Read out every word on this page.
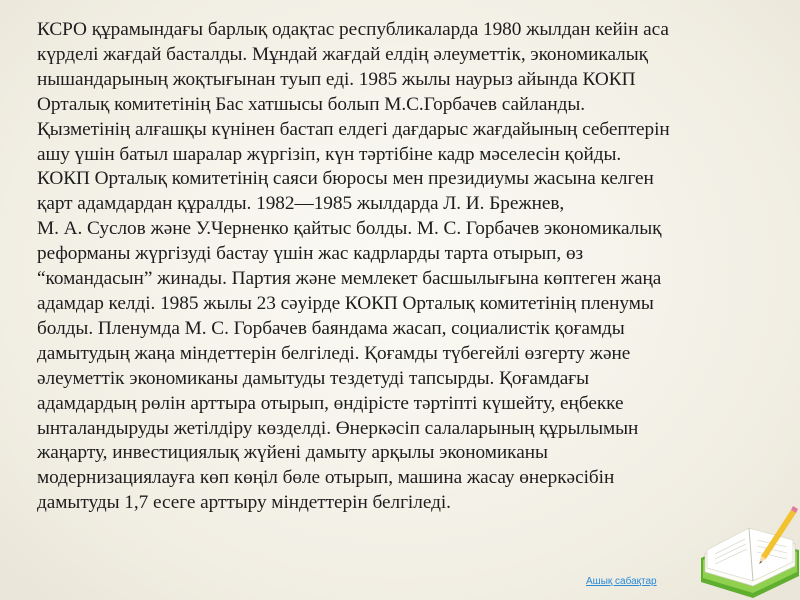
КСРО құрамындағы барлық одақтас республикаларда 1980 жылдан кейін аса
күрделі жағдай басталды. Мұндай жағдай елдің әлеуметтік, экономикалық
нышандарының жоқтығынан туып еді. 1985 жылы наурыз айында КОКП
Орталық комитетінің Бас хатшысы болып М.С.Горбачев сайланды.
Қызметінің алғашқы күнінен бастап елдегі дағдарыс жағдайының себептерін
ашу үшін батыл шаралар жүргізіп, күн тәртібіне кадр мәселесін қойды.
КОКП Орталық комитетінің саяси бюросы мен президиумы жасына келген
қарт адамдардан құралды. 1982—1985 жылдарда Л. И. Брежнев,
М. А. Суслов және У.Черненко қайтыс болды. М. С. Горбачев экономикалық
реформаны жүргізуді бастау үшін жас кадрларды тарта отырып, өз
“командасын” жинады. Партия және мемлекет басшылығына көптеген жаңа
адамдар келді. 1985 жылы 23 сәуірде КОКП Орталық комитетінің пленумы
болды. Пленумда М. С. Горбачев баяндама жасап, социалистік қоғамды
дамытудың жаңа міндеттерін белгіледі. Қоғамды түбегейлі өзгерту және
әлеуметтік экономиканы дамытуды тездетуді тапсырды. Қоғамдағы
адамдардың рөлін арттыра отырып, өндірісте тәртіпті күшейту, еңбекке
ынталандыруды жетілдіру көзделді. Өнеркәсіп салаларының құрылымын
жаңарту, инвестициялық жүйені дамыту арқылы экономиканы
модернизациялауға көп көңіл бөле отырып, машина жасау өнеркәсібін
дамытуды 1,7 есеге арттыру міндеттерін белгіледі.
Ашық сабақтар
